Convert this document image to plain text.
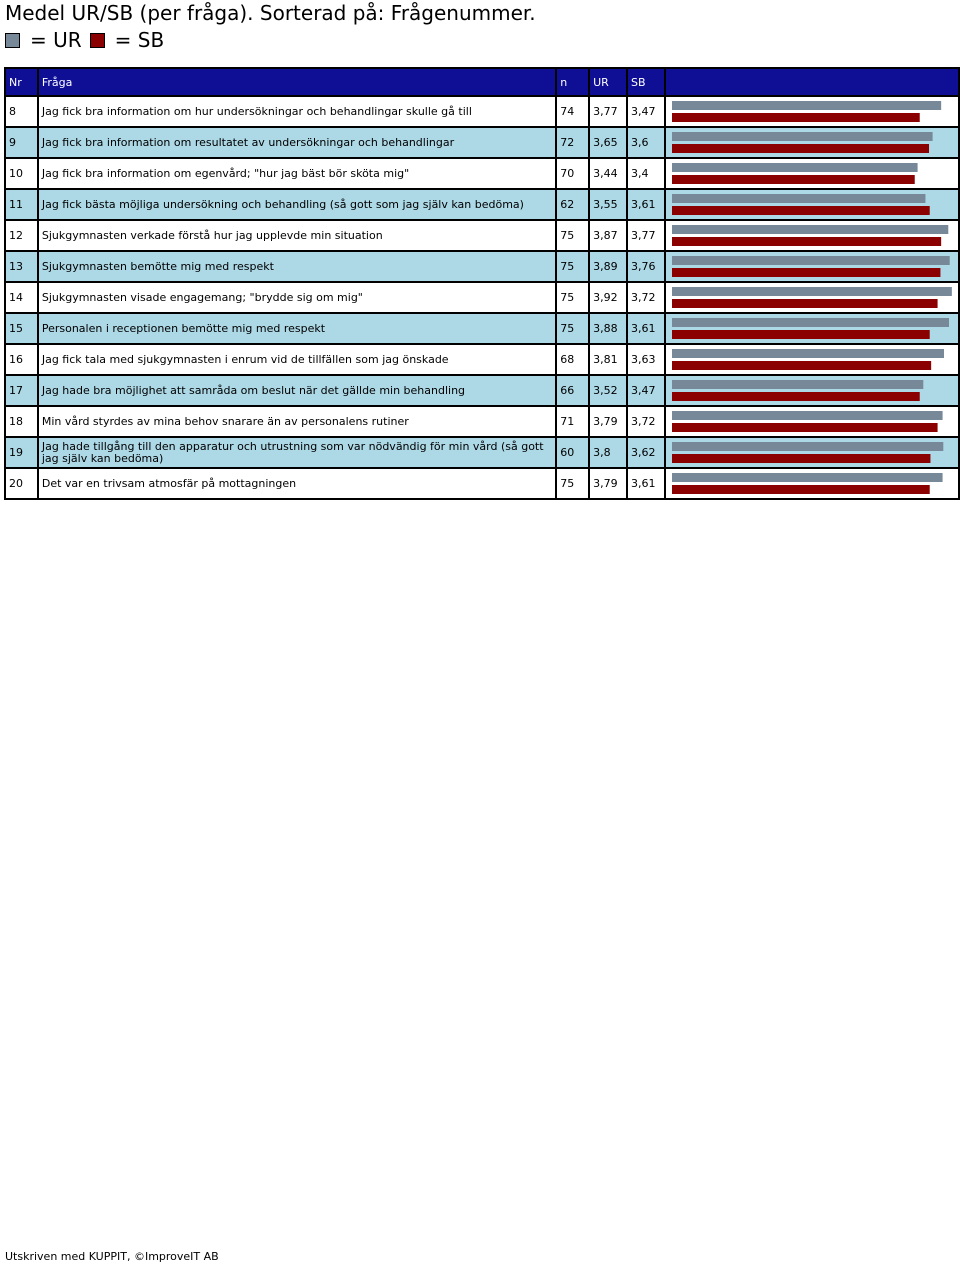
Medel UR/SB (per fråga). Sorterad på: Frågenummer.
= UR = SB
Nr	Fråga	n	UR	SB	
8	Jag fick bra information om hur undersökningar och behandlingar skulle gå till	74	3,77	3,47	

9	Jag fick bra information om resultatet av undersökningar och behandlingar	72	3,65	3,6	

10	Jag fick bra information om egenvård; "hur jag bäst bör sköta mig"	70	3,44	3,4	

11	Jag fick bästa möjliga undersökning och behandling (så gott som jag själv kan bedöma)	62	3,55	3,61	

12	Sjukgymnasten verkade förstå hur jag upplevde min situation	75	3,87	3,77	

13	Sjukgymnasten bemötte mig med respekt	75	3,89	3,76	

14	Sjukgymnasten visade engagemang; "brydde sig om mig"	75	3,92	3,72	

15	Personalen i receptionen bemötte mig med respekt	75	3,88	3,61	

16	Jag fick tala med sjukgymnasten i enrum vid de tillfällen som jag önskade	68	3,81	3,63	

17	Jag hade bra möjlighet att samråda om beslut när det gällde min behandling	66	3,52	3,47	

18	Min vård styrdes av mina behov snarare än av personalens rutiner	71	3,79	3,72	

19	Jag hade tillgång till den apparatur och utrustning som var nödvändig för min vård (så gott jag själv kan bedöma)	60	3,8	3,62	

20	Det var en trivsam atmosfär på mottagningen	75	3,79	3,61	
Utskriven med KUPPIT, ©ImproveIT AB
